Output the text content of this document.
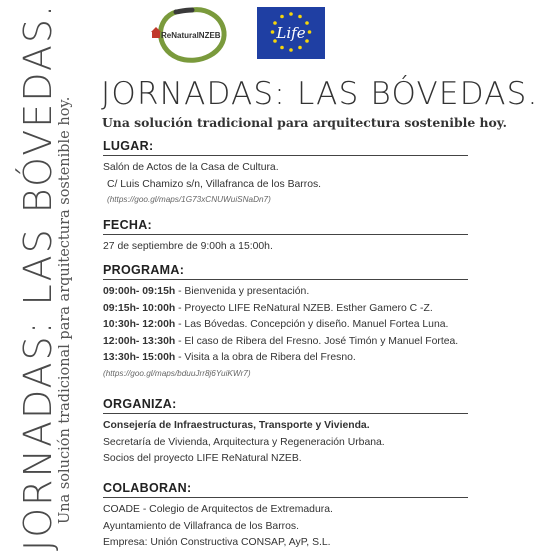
JORNADAS: LAS BÓVEDAS.
Una solución tradicional para arquitectura sostenible hoy.
ReNaturalNZEB	Life
JORNADAS: LAS BÓVEDAS.
Una solución tradicional para arquitectura sostenible hoy.
LUGAR:
Salón de Actos de la Casa de Cultura.
C/ Luis Chamizo s/n, Villafranca de los Barros.
(https://goo.gl/maps/1G73xCNUWuiSNaDn7)
FECHA:
27 de septiembre de 9:00h a 15:00h.
PROGRAMA:
09:00h- 09:15h - Bienvenida y presentación.
09:15h- 10:00h - Proyecto LIFE ReNatural NZEB. Esther Gamero C -Z.
10:30h- 12:00h - Las Bóvedas. Concepción y diseño. Manuel Fortea Luna.
12:00h- 13:30h - El caso de Ribera del Fresno. José Timón y Manuel Fortea.
13:30h- 15:00h - Visita a la obra de Ribera del Fresno.
(https://goo.gl/maps/bduuJrr8j6YuiKWr7)
ORGANIZA:
Consejería de Infraestructuras, Transporte y Vivienda.
Secretaría de Vivienda, Arquitectura y Regeneración Urbana.
Socios del proyecto LIFE ReNatural NZEB.
COLABORAN:
COADE - Colegio de Arquitectos de Extremadura.
Ayuntamiento de Villafranca de los Barros.
Empresa: Unión Constructiva CONSAP, AyP, S.L.
